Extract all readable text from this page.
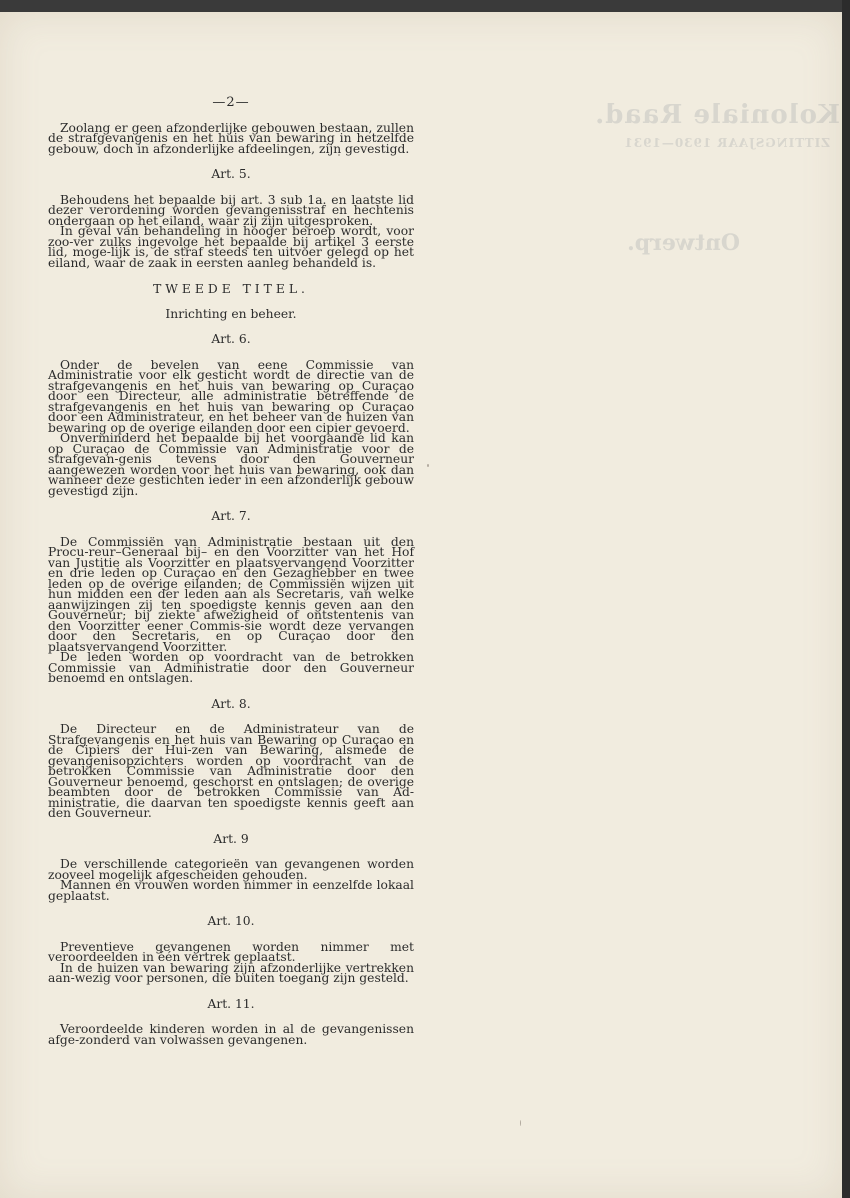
Koloniale Raad.
ZITTINGSJAAR 1930—1931
Ontwerp.
—2—

Zoolang er geen afzonderlijke gebouwen bestaan, zullen de strafgevangenis en het huis van bewaring in hetzelfde gebouw, doch in afzonderlijke afdeelingen, zijn gevestigd.

Art. 5.

Behoudens het bepaalde bij art. 3 sub 1a. en laatste lid dezer verordening worden gevangenisstraf en hechtenis ondergaan op het eiland, waar zij zijn uitgesproken.

In geval van behandeling in hooger beroep wordt, voor zoo-ver zulks ingevolge het bepaalde bij artikel 3 eerste lid, moge-lijk is, de straf steeds ten uitvoer gelegd op het eiland, waar de zaak in eersten aanleg behandeld is.

TWEEDE TITEL.
Inrichting en beheer.
Art. 6.

Onder de bevelen van eene Commissie van Administratie voor elk gesticht wordt de directie van de strafgevangenis en het huis van bewaring op Curaçao door een Directeur, alle administratie betreffende de strafgevangenis en het huis van bewaring op Curaçao door een Administrateur, en het beheer van de huizen van bewaring op de overige eilanden door een cipier gevoerd.

Onverminderd het bepaalde bij het voorgaande lid kan op Curaçao de Commissie van Administratie voor de strafgevan-genis tevens door den Gouverneur aangewezen worden voor het huis van bewaring, ook dan wanneer deze gestichten ieder in een afzonderlijk gebouw gevestigd zijn.

Art. 7.

De Commissiën van Administratie bestaan uit den Procu-reur–Generaal bij– en den Voorzitter van het Hof van Justitie als Voorzitter en plaatsvervangend Voorzitter en drie leden op Curaçao en den Gezaghebber en twee leden op de overige eilanden; de Commissiën wijzen uit hun midden een der leden aan als Secretaris, van welke aanwijzingen zij ten spoedigste kennis geven aan den Gouverneur; bij ziekte afwezigheid of ontstentenis van den Voorzitter eener Commis-sie wordt deze vervangen door den Secretaris, en op Curaçao door den plaatsvervangend Voorzitter.

De leden worden op voordracht van de betrokken Commissie van Administratie door den Gouverneur benoemd en ontslagen.

Art. 8.

De Directeur en de Administrateur van de Strafgevangenis en het huis van Bewaring op Curaçao en de Cipiers der Hui-zen van Bewaring, alsmede de gevangenisopzichters worden op voordracht van de betrokken Commissie van Administratie door den Gouverneur benoemd, geschorst en ontslagen; de overige beambten door de betrokken Commissie van Ad-ministratie, die daarvan ten spoedigste kennis geeft aan den Gouverneur.

Art. 9

De verschillende categorieën van gevangenen worden zooveel mogelijk afgescheiden gehouden.

Mannen en vrouwen worden nimmer in eenzelfde lokaal geplaatst.

Art. 10.

Preventieve gevangenen worden nimmer met veroordeelden in één vertrek geplaatst.

In de huizen van bewaring zijn afzonderlijke vertrekken aan-wezig voor personen, die buiten toegang zijn gesteld.

Art. 11.

Veroordeelde kinderen worden in al de gevangenissen afge-zonderd van volwassen gevangenen.
